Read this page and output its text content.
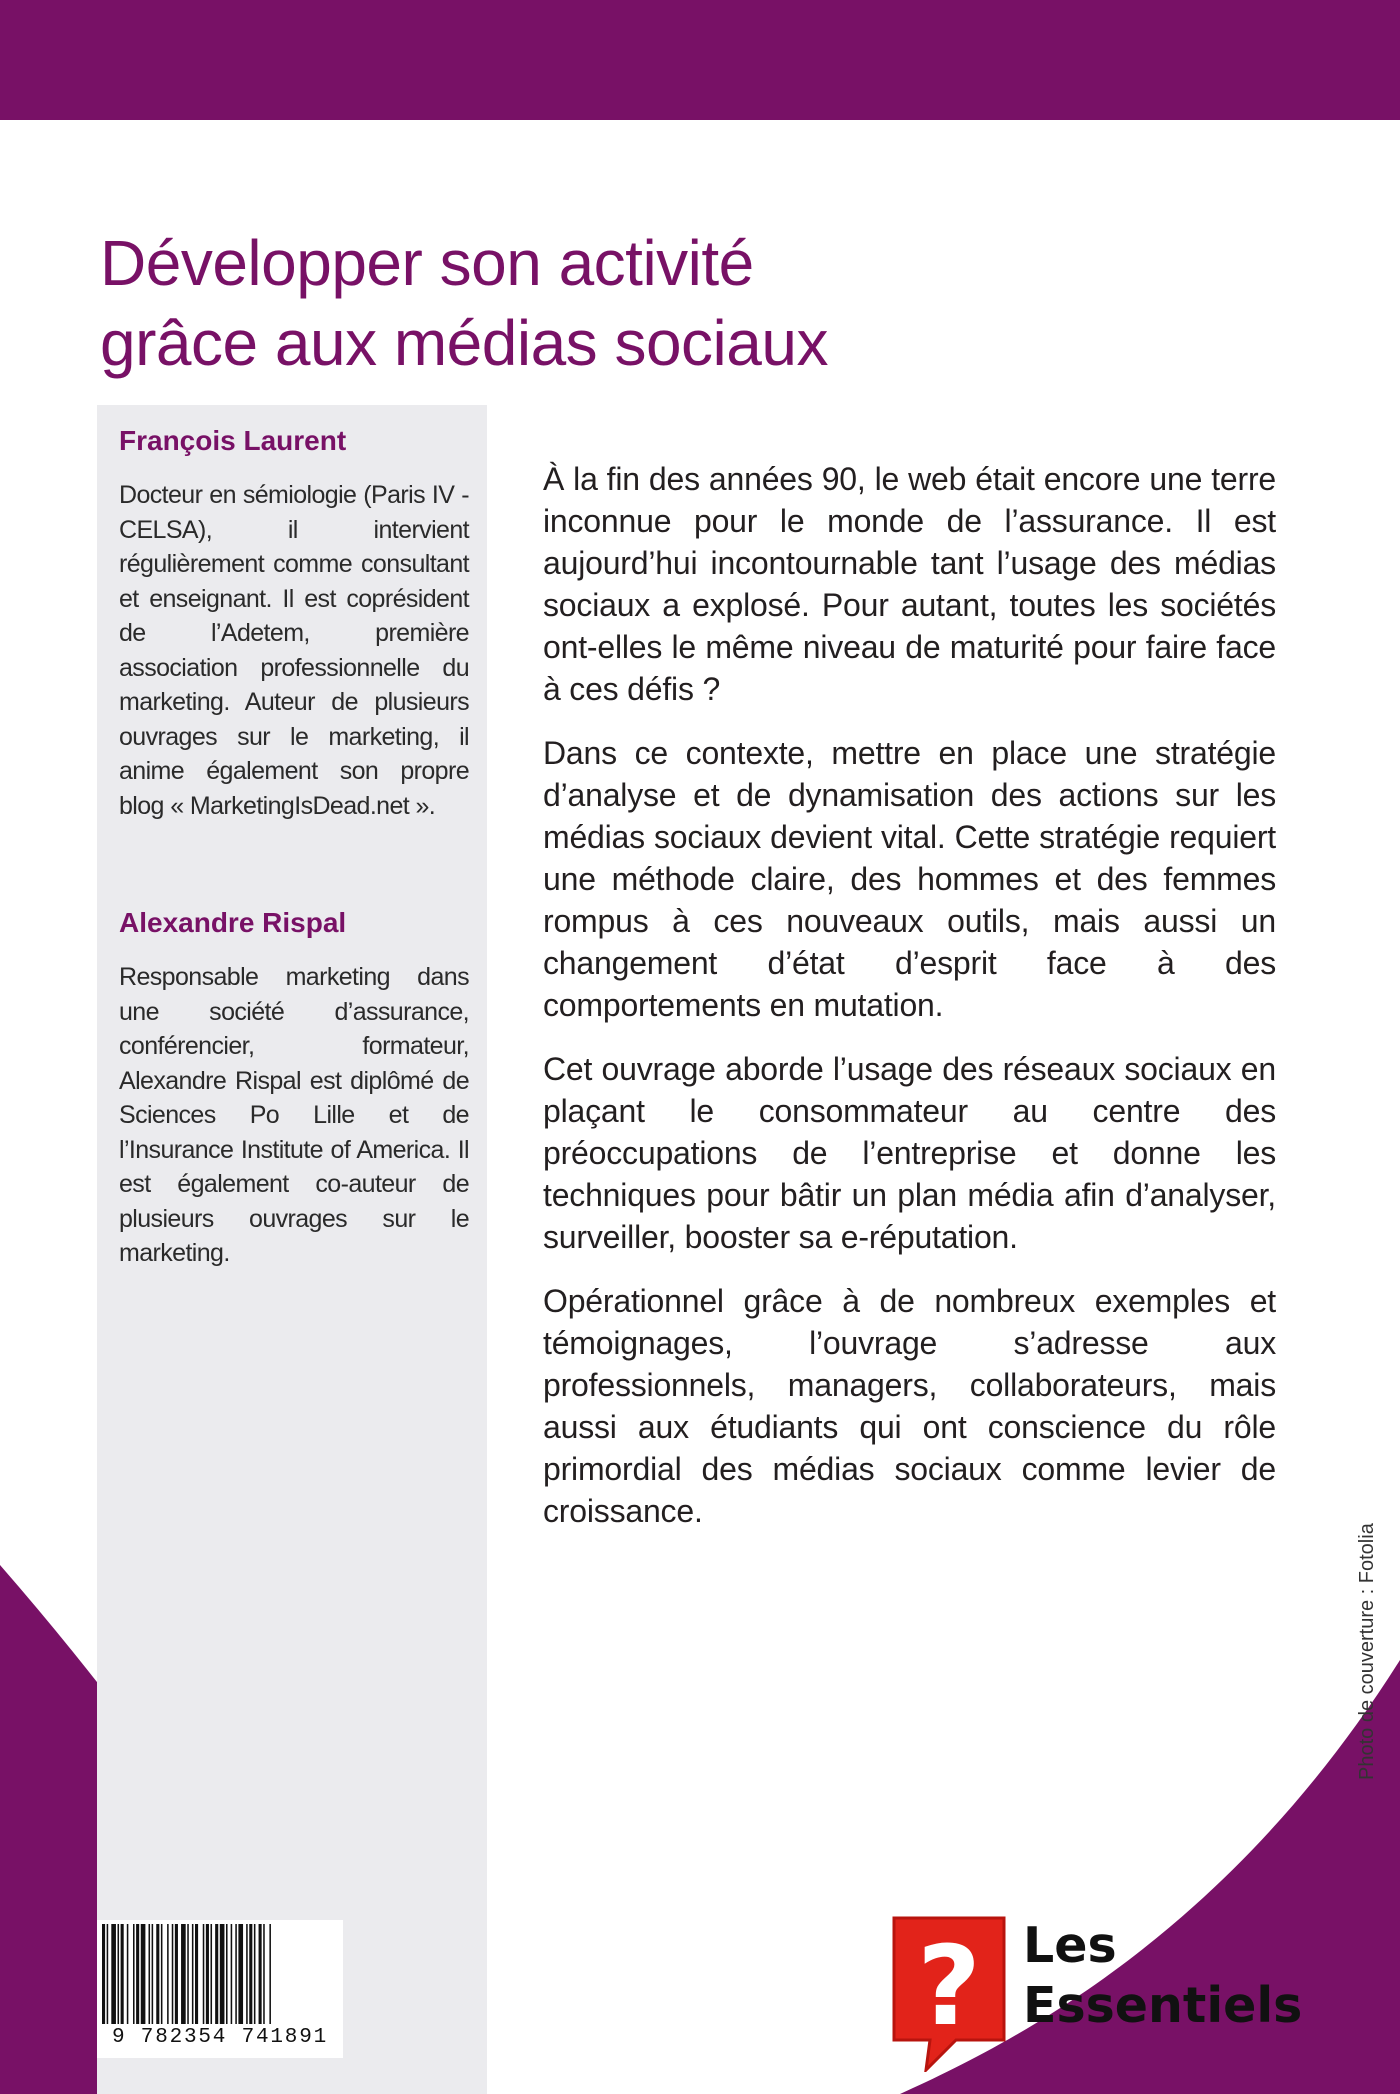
Développer son activité
grâce aux médias sociaux

François Laurent

Docteur en sémiologie (Paris IV - CELSA), il intervient régulièrement comme consultant et enseignant. Il est coprésident de l’Adetem, première association professionnelle du marketing. Auteur de plusieurs ouvrages sur le marketing, il anime également son propre blog « MarketingIsDead.net ».

Alexandre Rispal

Responsable marketing dans une société d’assurance, conférencier, formateur, Alexandre Rispal est diplômé de Sciences Po Lille et de l’Insurance Institute of America. Il est également co-auteur de plusieurs ouvrages sur le marketing.

À la fin des années 90, le web était encore une terre inconnue pour le monde de l’assurance. Il est aujourd’hui incontournable tant l’usage des médias sociaux a explosé. Pour autant, toutes les sociétés ont-elles le même niveau de maturité pour faire face à ces défis ?

Dans ce contexte, mettre en place une stratégie d’analyse et de dynamisation des actions sur les médias sociaux devient vital. Cette stratégie requiert une méthode claire, des hommes et des femmes rompus à ces nouveaux outils, mais aussi un changement d’état d’esprit face à des comportements en mutation.

Cet ouvrage aborde l’usage des réseaux sociaux en plaçant le consommateur au centre des préoccupations de l’entreprise et donne les techniques pour bâtir un plan média afin d’analyser, surveiller, booster sa e-réputation.

Opérationnel grâce à de nombreux exemples et témoignages, l’ouvrage s’adresse aux professionnels, managers, collaborateurs, mais aussi aux étudiants qui ont conscience du rôle primordial des médias sociaux comme levier de croissance.

Photo de couverture : Fotolia
9 782354 741891	? Les
Essentiels
